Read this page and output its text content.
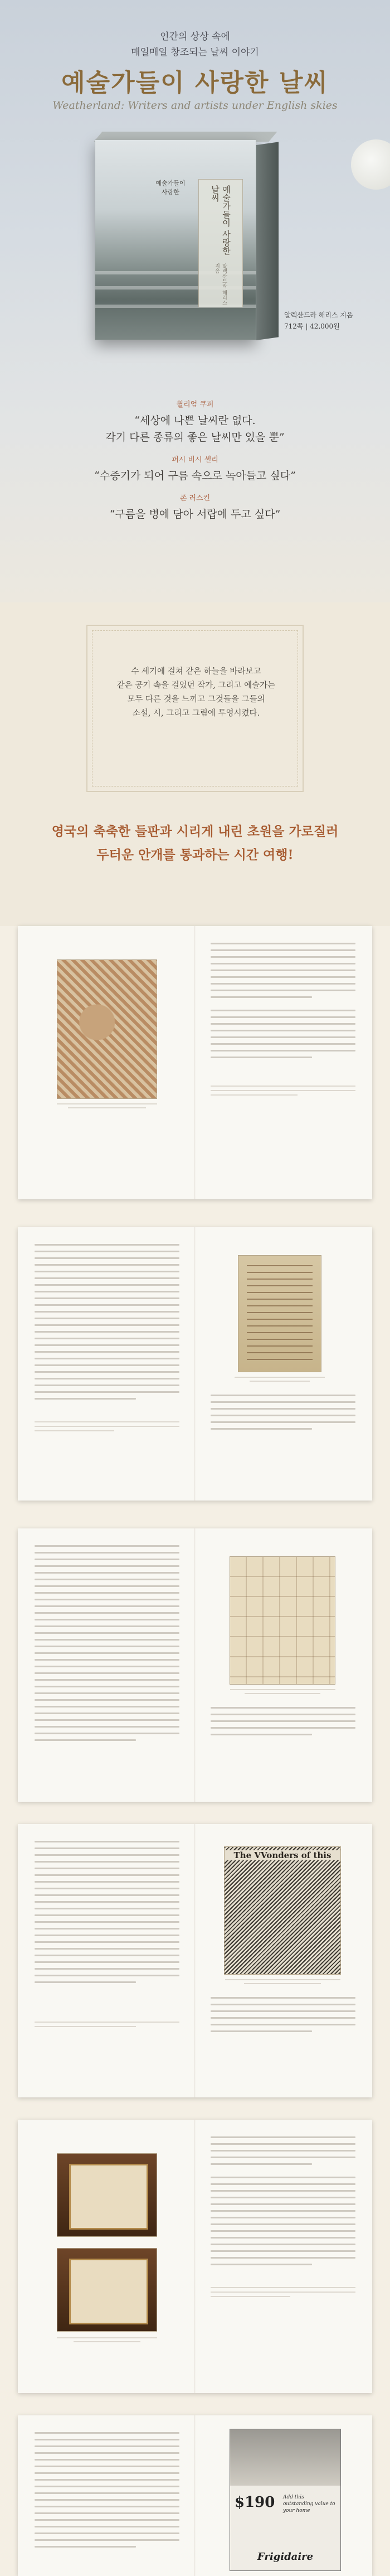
인간의 상상 속에
매일매일 창조되는 날씨 이야기
예술가들이 사랑한 날씨
Weatherland: Writers and artists under English skies
예술가들이
사랑한	예술가들이 사랑한 날씨
알렉산드라 해리스 지음
알렉산드라 해리스 지음
712쪽 | 42,000원
윌리엄 쿠퍼
“세상에 나쁜 날씨란 없다.
각기 다른 종류의 좋은 날씨만 있을 뿐”
퍼시 비시 셸리
“수증기가 되어 구름 속으로 녹아들고 싶다”
존 러스킨
“구름을 병에 담아 서랍에 두고 싶다”
수 세기에 걸쳐 같은 하늘을 바라보고
같은 공기 속을 걸었던 작가, 그리고 예술가는
모두 다른 것을 느끼고 그것들을 그들의
소설, 시, 그리고 그림에 투영시켰다.
영국의 축축한 들판과 시리게 내린 초원을 가로질러
두터운 안개를 통과하는 시간 여행!
The VVonders of this
$190 Add this outstanding value to your home
Frigidaire
